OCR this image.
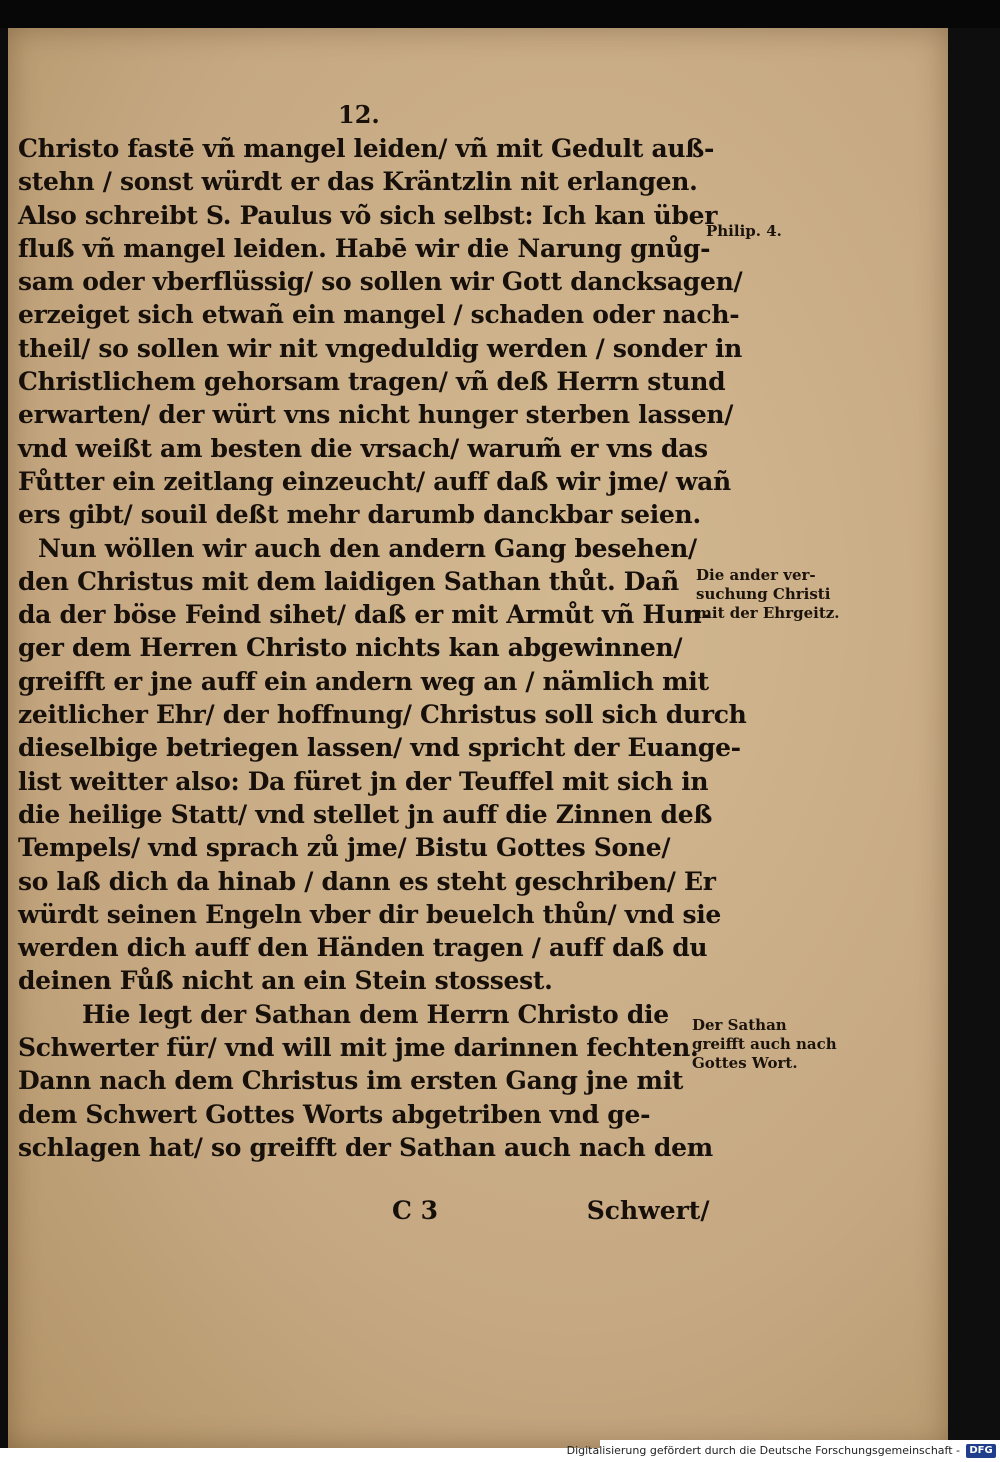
12.
Christo fastē vñ mangel leiden/ vñ mit Gedult auß-
stehn / sonst würdt er das Kräntzlin nit erlangen.
Also schreibt S. Paulus võ sich selbst: Ich kan über
fluß vñ mangel leiden. Habē wir die Narung gnůg-
sam oder vberflüssig/ so sollen wir Gott dancksagen/
erzeiget sich etwañ ein mangel / schaden oder nach-
theil/ so sollen wir nit vngeduldig werden / sonder in
Christlichem gehorsam tragen/ vñ deß Herrn stund
erwarten/ der würt vns nicht hunger sterben lassen/
vnd weißt am besten die vrsach/ warum̃ er vns das
Fůtter ein zeitlang einzeucht/ auff daß wir jme/ wañ
ers gibt/ souil deßt mehr darumb danckbar seien.
Nun wöllen wir auch den andern Gang besehen/
den Christus mit dem laidigen Sathan thůt. Dañ
da der böse Feind sihet/ daß er mit Armůt vñ Hun-
ger dem Herren Christo nichts kan abgewinnen/
greifft er jne auff ein andern weg an / nämlich mit
zeitlicher Ehr/ der hoffnung/ Christus soll sich durch
dieselbige betriegen lassen/ vnd spricht der Euange-
list weitter also: Da füret jn der Teuffel mit sich in
die heilige Statt/ vnd stellet jn auff die Zinnen deß
Tempels/ vnd sprach zů jme/ Bistu Gottes Sone/
so laß dich da hinab / dann es steht geschriben/ Er
würdt seinen Engeln vber dir beuelch thůn/ vnd sie
werden dich auff den Händen tragen / auff daß du
deinen Fůß nicht an ein Stein stossest.
Hie legt der Sathan dem Herrn Christo die
Schwerter für/ vnd will mit jme darinnen fechten.
Dann nach dem Christus im ersten Gang jne mit
dem Schwert Gottes Worts abgetriben vnd ge-
schlagen hat/ so greifft der Sathan auch nach dem
C 3	Schwert/
Philip. 4.
Die ander ver-
suchung Christi
mit der Ehrgeitz.
Der Sathan
greifft auch nach
Gottes Wort.
Digitalisierung gefördert durch die Deutsche Forschungsgemeinschaft - DFG
